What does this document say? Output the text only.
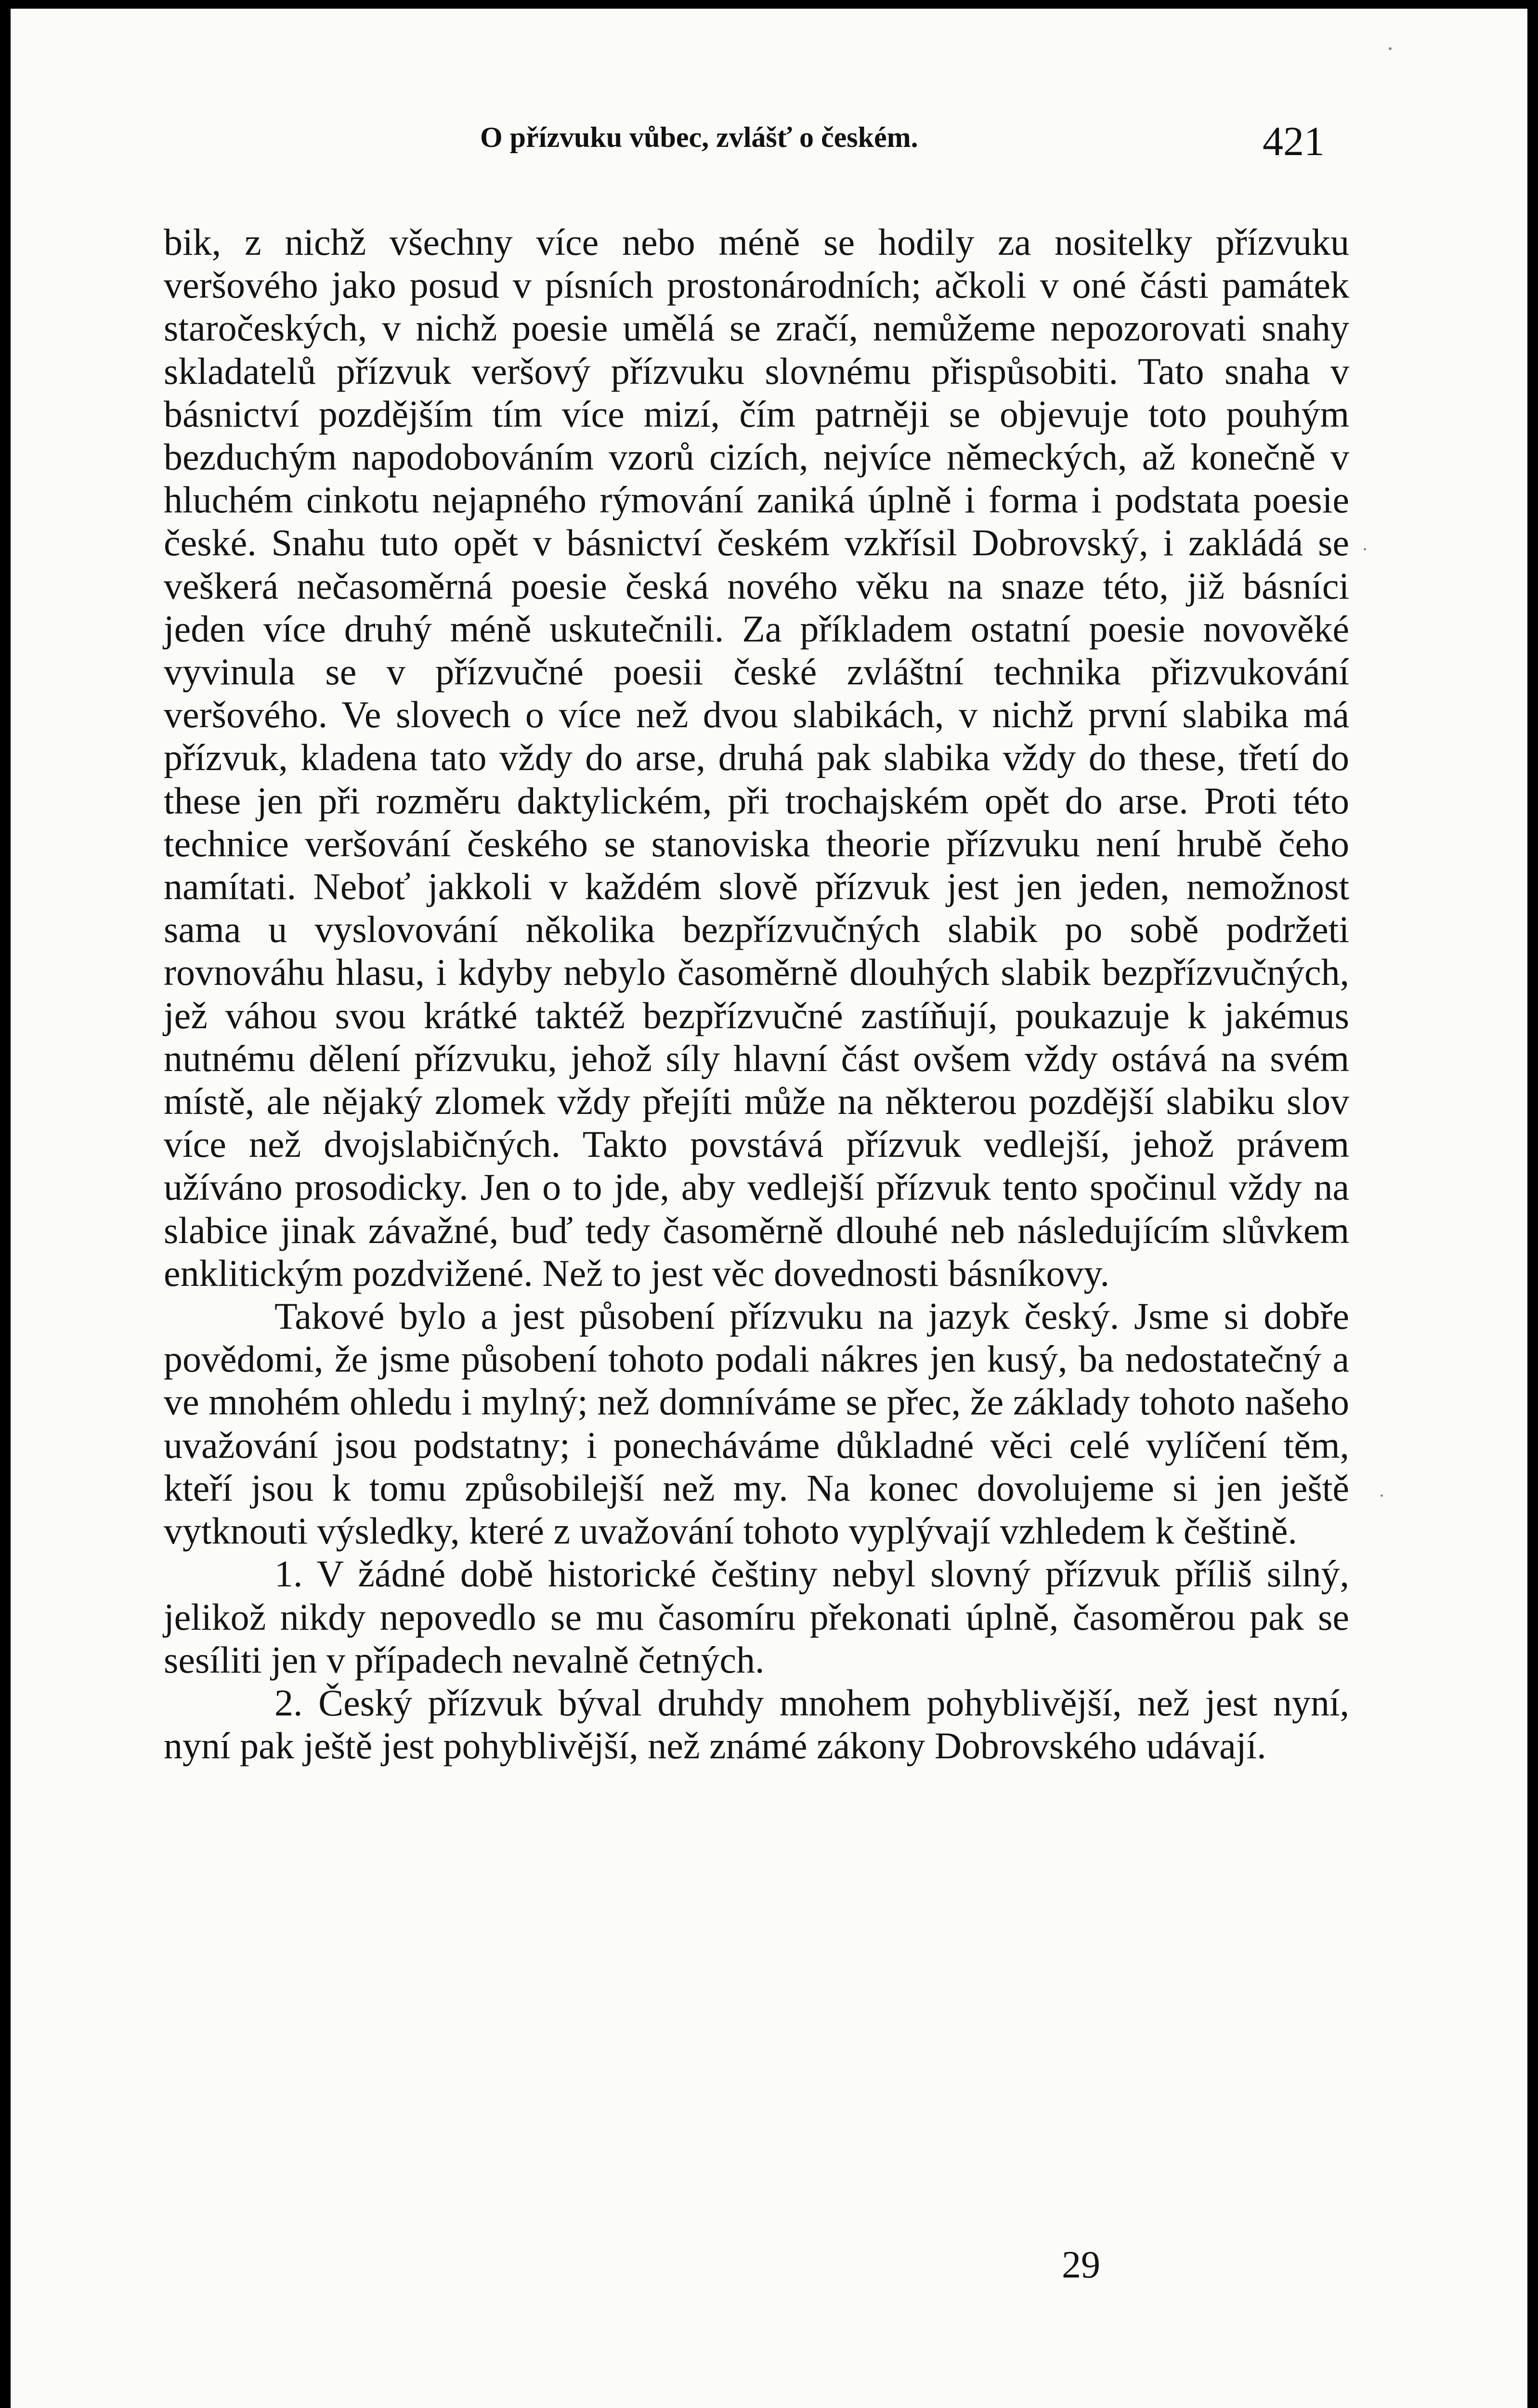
O přízvuku vůbec, zvlášť o českém.	421

bik, z nichž všechny více nebo méně se hodily za nositelky přízvuku veršového jako posud v písních prostonárodních; ačkoli v oné části památek staročeských, v nichž poesie umělá se zračí, nemůžeme nepozorovati snahy skladatelů přízvuk veršový přízvuku slovnému přispůsobiti. Tato snaha v básnictví pozdějším tím více mizí, čím patrněji se objevuje toto pouhým bezduchým napodobováním vzorů cizích, nejvíce německých, až konečně v hluchém cinkotu nejapného rýmování zaniká úplně i forma i podstata poesie české. Snahu tuto opět v básnictví českém vzkřísil Dobrovský, i zakládá se veškerá nečasoměrná poesie česká nového věku na snaze této, již básníci jeden více druhý méně uskutečnili. Za příkladem ostatní poesie novověké vyvinula se v přízvučné poesii české zvláštní technika přizvukování veršového. Ve slovech o více než dvou slabikách, v nichž první slabika má přízvuk, kladena tato vždy do arse, druhá pak slabika vždy do these, třetí do these jen při rozměru daktylickém, při trochajském opět do arse. Proti této technice veršování českého se stanoviska theorie přízvuku není hrubě čeho namítati. Neboť jakkoli v každém slově přízvuk jest jen jeden, nemožnost sama u vyslovování několika bezpřízvučných slabik po sobě podržeti rovnováhu hlasu, i kdyby nebylo časoměrně dlouhých slabik bezpřízvučných, jež váhou svou krátké taktéž bezpřízvučné zastíňují, poukazuje k jakémus nutnému dělení přízvuku, jehož síly hlavní část ovšem vždy ostává na svém místě, ale nějaký zlomek vždy přejíti může na některou pozdější slabiku slov více než dvojslabičných. Takto povstává přízvuk vedlejší, jehož právem užíváno prosodicky. Jen o to jde, aby vedlejší přízvuk tento spočinul vždy na slabice jinak závažné, buď tedy časoměrně dlouhé neb následujícím slůvkem enklitickým pozdvižené. Než to jest věc dovednosti básníkovy.

Takové bylo a jest působení přízvuku na jazyk český. Jsme si dobře povědomi, že jsme působení tohoto podali nákres jen kusý, ba nedostatečný a ve mnohém ohledu i mylný; než domníváme se přec, že základy tohoto našeho uvažování jsou podstatny; i ponecháváme důkladné věci celé vylíčení těm, kteří jsou k tomu způsobilejší než my. Na konec dovolujeme si jen ještě vytknouti výsledky, které z uvažování tohoto vyplývají vzhledem k češtině.

1. V žádné době historické češtiny nebyl slovný přízvuk příliš silný, jelikož nikdy nepovedlo se mu časomíru překonati úplně, časoměrou pak se sesíliti jen v případech nevalně četných.

2. Český přízvuk býval druhdy mnohem pohyblivější, než jest nyní, nyní pak ještě jest pohyblivější, než známé zákony Dobrovského udávají.

29
